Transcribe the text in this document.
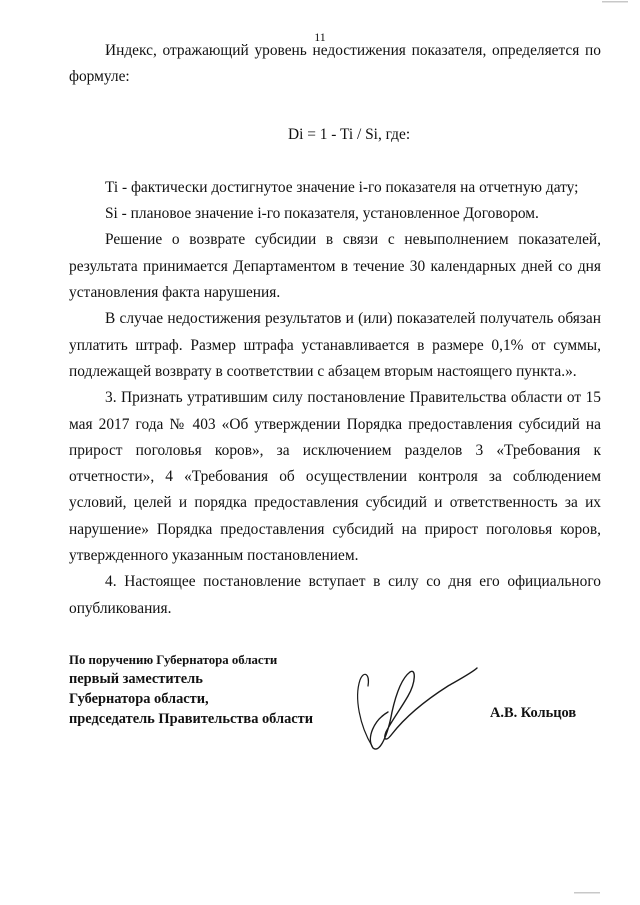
11

Индекс, отражающий уровень недостижения показателя, определяется по формуле:

Di = 1 - Ti / Si, где:

Ti - фактически достигнутое значение i-го показателя на отчетную дату;

Si - плановое значение i-го показателя, установленное Договором.

Решение о возврате субсидии в связи с невыполнением показателей, результата принимается Департаментом в течение 30 календарных дней со дня установления факта нарушения.

В случае недостижения результатов и (или) показателей получатель обязан уплатить штраф. Размер штрафа устанавливается в размере 0,1% от суммы, подлежащей возврату в соответствии с абзацем вторым настоящего пункта.».

3. Признать утратившим силу постановление Правительства области от 15 мая 2017 года № 403 «Об утверждении Порядка предоставления субсидий на прирост поголовья коров», за исключением разделов 3 «Требования к отчетности», 4 «Требования об осуществлении контроля за соблюдением условий, целей и порядка предоставления субсидий и ответственность за их нарушение» Порядка предоставления субсидий на прирост поголовья коров, утвержденного указанным постановлением.

4. Настоящее постановление вступает в силу со дня его официального опубликования.

По поручению Губернатора области
первый заместитель
Губернатора области,
председатель Правительства области	А.В. Кольцов
